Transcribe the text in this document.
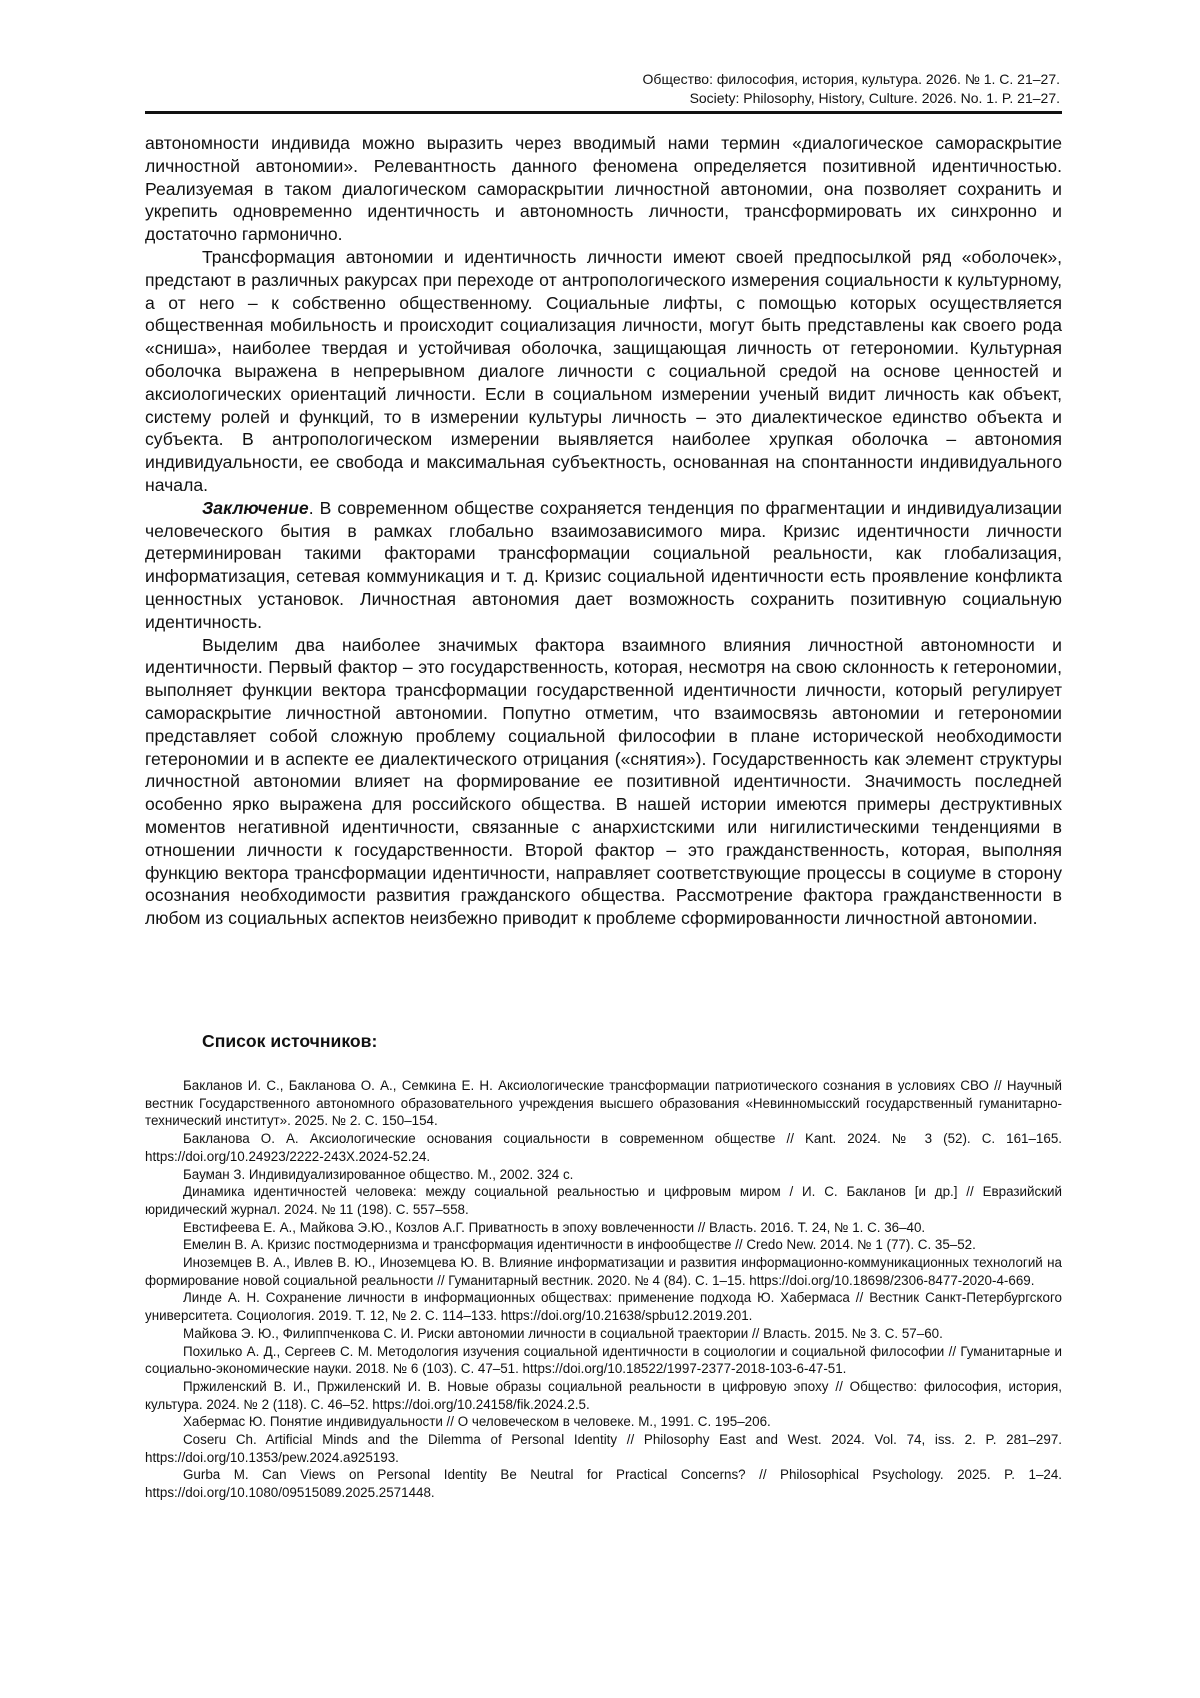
Общество: философия, история, культура. 2026. № 1. С. 21–27.
Society: Philosophy, History, Culture. 2026. No. 1. P. 21–27.

автономности индивида можно выразить через вводимый нами термин «диалогическое самораскрытие личностной автономии». Релевантность данного феномена определяется позитивной идентичностью. Реализуемая в таком диалогическом самораскрытии личностной автономии, она позволяет сохранить и укрепить одновременно идентичность и автономность личности, трансформировать их синхронно и достаточно гармонично.

Трансформация автономии и идентичность личности имеют своей предпосылкой ряд «оболочек», предстают в различных ракурсах при переходе от антропологического измерения социальности к культурному, а от него – к собственно общественному. Социальные лифты, с помощью которых осуществляется общественная мобильность и происходит социализация личности, могут быть представлены как своего рода «сниша», наиболее твердая и устойчивая оболочка, защищающая личность от гетерономии. Культурная оболочка выражена в непрерывном диалоге личности с социальной средой на основе ценностей и аксиологических ориентаций личности. Если в социальном измерении ученый видит личность как объект, систему ролей и функций, то в измерении культуры личность – это диалектическое единство объекта и субъекта. В антропологическом измерении выявляется наиболее хрупкая оболочка – автономия индивидуальности, ее свобода и максимальная субъектность, основанная на спонтанности индивидуального начала.

Заключение. В современном обществе сохраняется тенденция по фрагментации и индивидуализации человеческого бытия в рамках глобально взаимозависимого мира. Кризис идентичности личности детерминирован такими факторами трансформации социальной реальности, как глобализация, информатизация, сетевая коммуникация и т. д. Кризис социальной идентичности есть проявление конфликта ценностных установок. Личностная автономия дает возможность сохранить позитивную социальную идентичность.

Выделим два наиболее значимых фактора взаимного влияния личностной автономности и идентичности. Первый фактор – это государственность, которая, несмотря на свою склонность к гетерономии, выполняет функции вектора трансформации государственной идентичности личности, который регулирует самораскрытие личностной автономии. Попутно отметим, что взаимосвязь автономии и гетерономии представляет собой сложную проблему социальной философии в плане исторической необходимости гетерономии и в аспекте ее диалектического отрицания («снятия»). Государственность как элемент структуры личностной автономии влияет на формирование ее позитивной идентичности. Значимость последней особенно ярко выражена для российского общества. В нашей истории имеются примеры деструктивных моментов негативной идентичности, связанные с анархистскими или нигилистическими тенденциями в отношении личности к государственности. Второй фактор – это гражданственность, которая, выполняя функцию вектора трансформации идентичности, направляет соответствующие процессы в социуме в сторону осознания необходимости развития гражданского общества. Рассмотрение фактора гражданственности в любом из социальных аспектов неизбежно приводит к проблеме сформированности личностной автономии.

Список источников:

Бакланов И. С., Бакланова О. А., Семкина Е. Н. Аксиологические трансформации патриотического сознания в условиях СВО // Научный вестник Государственного автономного образовательного учреждения высшего образования «Невинномысский государственный гуманитарно-технический институт». 2025. № 2. С. 150–154.

Бакланова О. А. Аксиологические основания социальности в современном обществе // Kant. 2024. № 3 (52). С. 161–165. https://doi.org/10.24923/2222-243X.2024-52.24.

Бауман З. Индивидуализированное общество. М., 2002. 324 с.

Динамика идентичностей человека: между социальной реальностью и цифровым миром / И. С. Бакланов [и др.] // Евразийский юридический журнал. 2024. № 11 (198). С. 557–558.

Евстифеева Е. А., Майкова Э.Ю., Козлов А.Г. Приватность в эпоху вовлеченности // Власть. 2016. Т. 24, № 1. С. 36–40.

Емелин В. А. Кризис постмодернизма и трансформация идентичности в инфообществе // Credo New. 2014. № 1 (77). С. 35–52.

Иноземцев В. А., Ивлев В. Ю., Иноземцева Ю. В. Влияние информатизации и развития информационно-коммуникационных технологий на формирование новой социальной реальности // Гуманитарный вестник. 2020. № 4 (84). С. 1–15. https://doi.org/10.18698/2306-8477-2020-4-669.

Линде А. Н. Сохранение личности в информационных обществах: применение подхода Ю. Хабермаса // Вестник Санкт-Петербургского университета. Социология. 2019. Т. 12, № 2. С. 114–133. https://doi.org/10.21638/spbu12.2019.201.

Майкова Э. Ю., Филиппченкова С. И. Риски автономии личности в социальной траектории // Власть. 2015. № 3. С. 57–60.

Похилько А. Д., Сергеев С. М. Методология изучения социальной идентичности в социологии и социальной философии // Гуманитарные и социально-экономические науки. 2018. № 6 (103). С. 47–51. https://doi.org/10.18522/1997-2377-2018-103-6-47-51.

Пржиленский В. И., Пржиленский И. В. Новые образы социальной реальности в цифровую эпоху // Общество: философия, история, культура. 2024. № 2 (118). С. 46–52. https://doi.org/10.24158/fik.2024.2.5.

Хабермас Ю. Понятие индивидуальности // О человеческом в человеке. М., 1991. С. 195–206.

Coseru Ch. Artificial Minds and the Dilemma of Personal Identity // Philosophy East and West. 2024. Vol. 74, iss. 2. P. 281–297. https://doi.org/10.1353/pew.2024.a925193.

Gurba M. Can Views on Personal Identity Be Neutral for Practical Concerns? // Philosophical Psychology. 2025. P. 1–24. https://doi.org/10.1080/09515089.2025.2571448.
